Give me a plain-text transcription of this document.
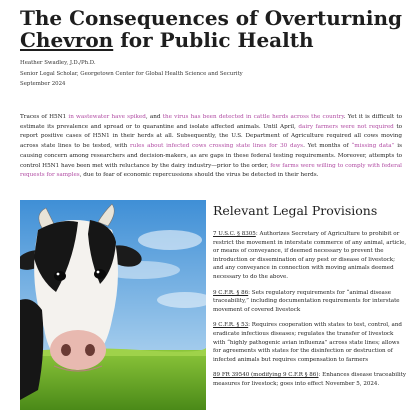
The Consequences of Overturning Chevron for Public Health
Heather Swadley, J.D./Ph.D.
Senior Legal Scholar, Georgetown Center for Global Health Science and Security
September 2024

Traces of H5N1 in wastewater have spiked, and the virus has been detected in cattle herds across the country. Yet it is difficult to estimate its prevalence and spread or to quarantine and isolate affected animals. Until April, dairy farmers were not required to report positive cases of H5N1 in their herds at all. Subsequently, the U.S. Department of Agriculture required all cows moving across state lines to be tested, with rules about infected cows crossing state lines for 30 days. Yet months of “missing data” is causing concern among researchers and decision-makers, as are gaps in these federal testing requirements. Moreover, attempts to control H5N1 have been met with reluctance by the dairy industry—prior to the order, few farms were willing to comply with federal requests for samples, due to fear of economic repercussions should the virus be detected in their herds.

Relevant Legal Provisions
7 U.S.C. § 8305: Authorizes Secretary of Agriculture to prohibit or restrict the movement in interstate commerce of any animal, article, or means of conveyance, if deemed necessary to prevent the introduction or dissemination of any pest or disease of livestock; and any conveyance in connection with moving animals deemed necessary to do the above.
9 C.F.R. § 86: Sets regulatory requirements for “animal disease traceability,” including documentation requirements for interstate movement of covered livestock
9 C.F.R. § 53: Requires cooperation with states to test, control, and eradicate infectious diseases; regulates the transfer of livestock with “highly pathogenic avian influenza” across state lines; allows for agreements with states for the disinfection or destruction of infected animals but requires compensation to farmers
89 FR 39540 (modifying 9 C.F.R § 86): Enhances disease traceability measures for livestock; goes into effect November 5, 2024.
